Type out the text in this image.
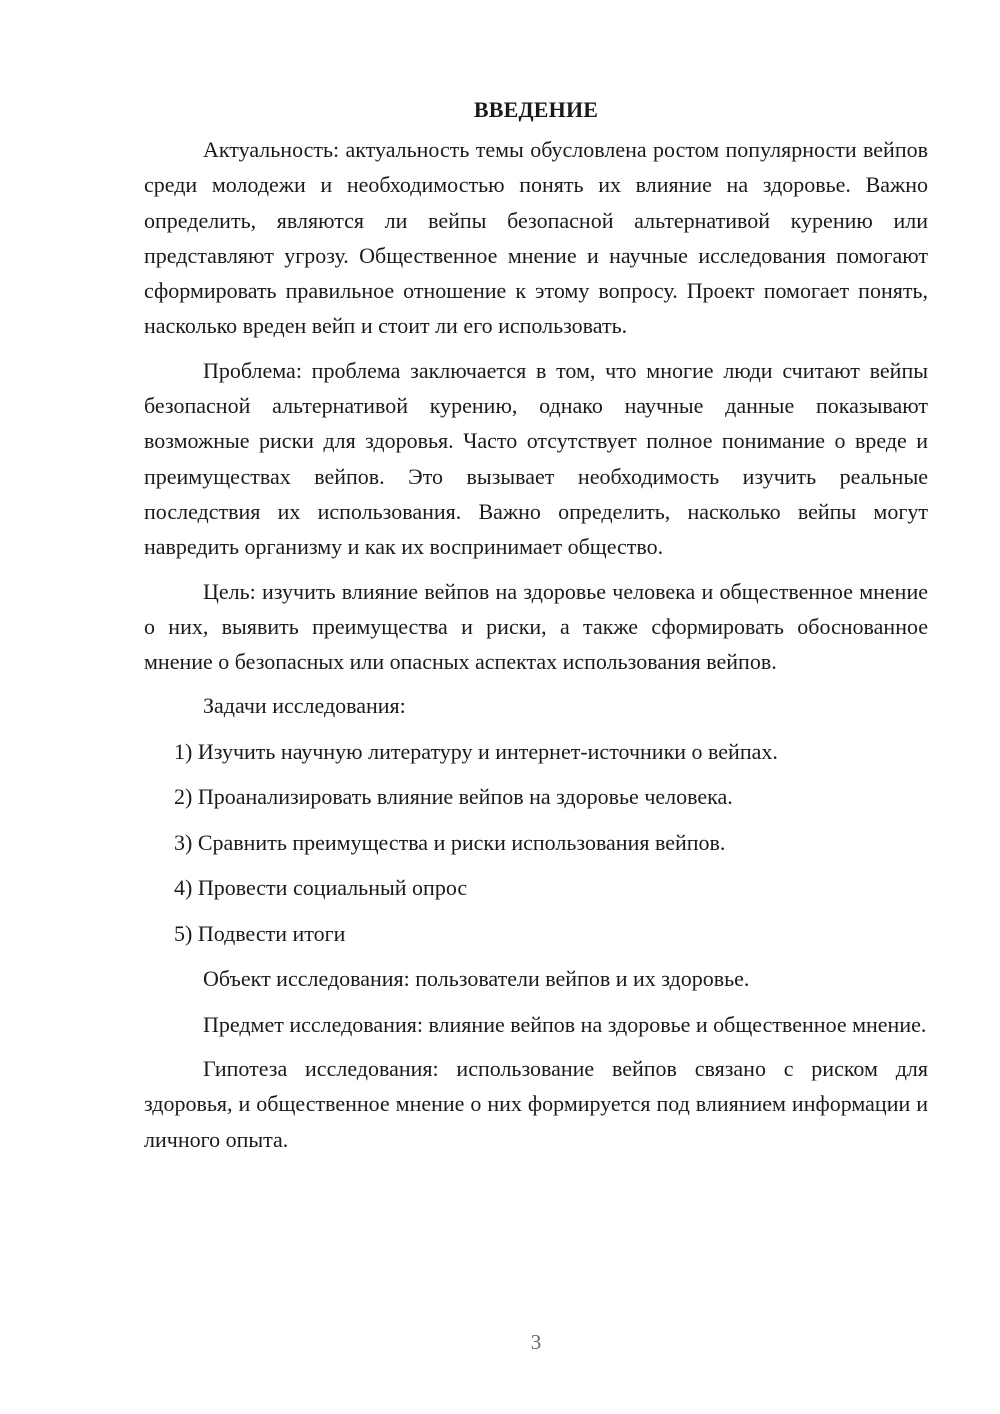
ВВЕДЕНИЕ

Актуальность: актуальность темы обусловлена ростом популярности вейпов среди молодежи и необходимостью понять их влияние на здоровье. Важно определить, являются ли вейпы безопасной альтернативой курению или представляют угрозу. Общественное мнение и научные исследования помогают сформировать правильное отношение к этому вопросу. Проект помогает понять, насколько вреден вейп и стоит ли его использовать.

Проблема: проблема заключается в том, что многие люди считают вейпы безопасной альтернативой курению, однако научные данные показывают возможные риски для здоровья. Часто отсутствует полное понимание о вреде и преимуществах вейпов. Это вызывает необходимость изучить реальные последствия их использования. Важно определить, насколько вейпы могут навредить организму и как их воспринимает общество.

Цель: изучить влияние вейпов на здоровье человека и общественное мнение о них, выявить преимущества и риски, а также сформировать обоснованное мнение о безопасных или опасных аспектах использования вейпов.

Задачи исследования:
1) Изучить научную литературу и интернет-источники о вейпах.
2) Проанализировать влияние вейпов на здоровье человека.
3) Сравнить преимущества и риски использования вейпов.
4) Провести социальный опрос
5) Подвести итоги
Объект исследования: пользователи вейпов и их здоровье.

Предмет исследования: влияние вейпов на здоровье и общественное мнение.

Гипотеза исследования: использование вейпов связано с риском для здоровья, и общественное мнение о них формируется под влиянием информации и личного опыта.

3
